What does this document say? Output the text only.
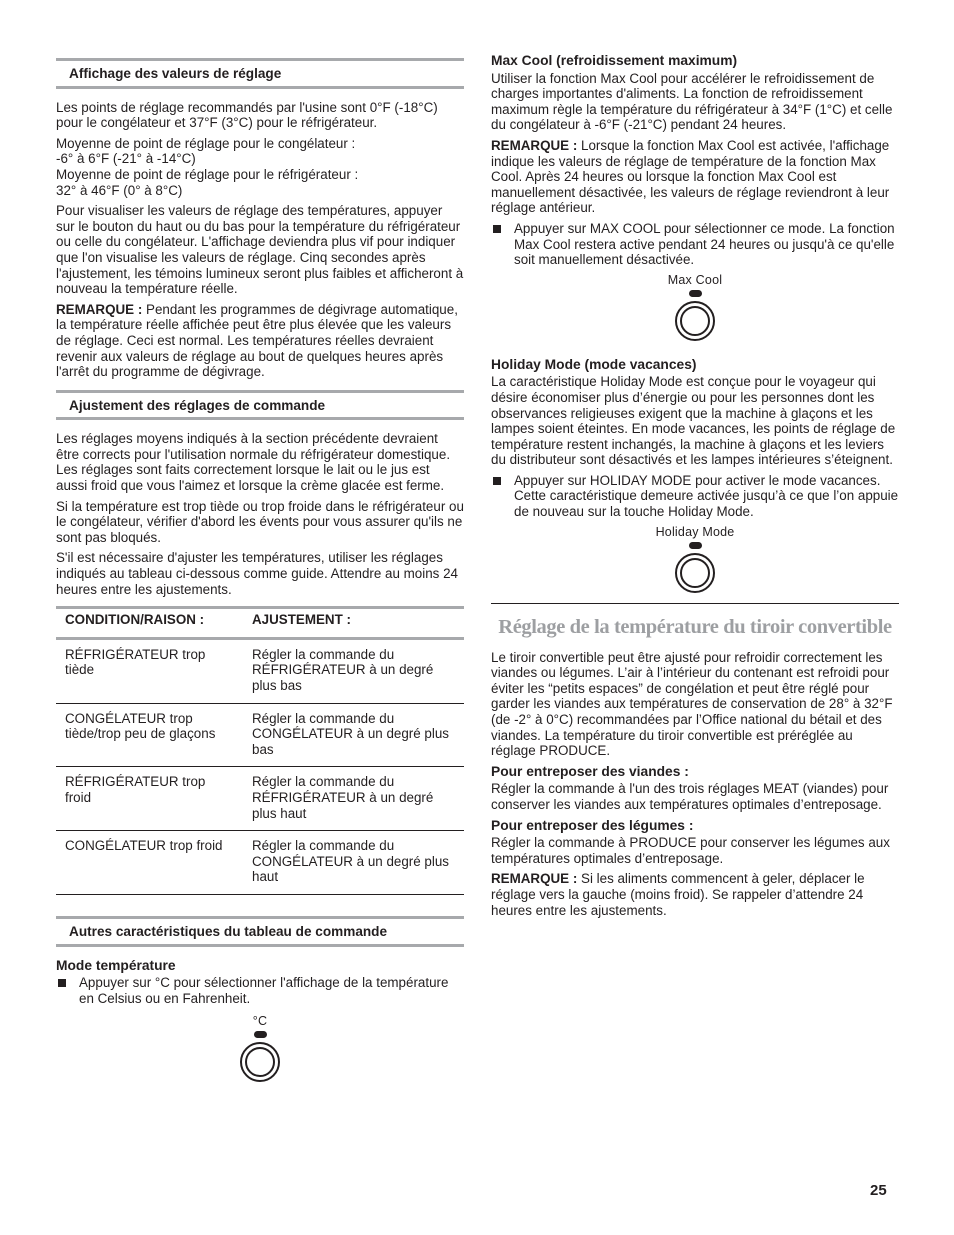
Affichage des valeurs de réglage

Les points de réglage recommandés par l'usine sont 0°F (-18°C) pour le congélateur et 37°F (3°C) pour le réfrigérateur.

Moyenne de point de réglage pour le congélateur :
-6° à 6°F (-21° à -14°C)
Moyenne de point de réglage pour le réfrigérateur :
32° à 46°F (0° à 8°C)

Pour visualiser les valeurs de réglage des températures, appuyer sur le bouton du haut ou du bas pour la température du réfrigérateur ou celle du congélateur. L'affichage deviendra plus vif pour indiquer que l'on visualise les valeurs de réglage. Cinq secondes après l'ajustement, les témoins lumineux seront plus faibles et afficheront à nouveau la température réelle.

REMARQUE : Pendant les programmes de dégivrage automatique, la température réelle affichée peut être plus élevée que les valeurs de réglage. Ceci est normal. Les températures réelles devraient revenir aux valeurs de réglage au bout de quelques heures après l'arrêt du programme de dégivrage.

Ajustement des réglages de commande

Les réglages moyens indiqués à la section précédente devraient être corrects pour l'utilisation normale du réfrigérateur domestique. Les réglages sont faits correctement lorsque le lait ou le jus est aussi froid que vous l'aimez et lorsque la crème glacée est ferme.

Si la température est trop tiède ou trop froide dans le réfrigérateur ou le congélateur, vérifier d'abord les évents pour vous assurer qu'ils ne sont pas bloqués.

S'il est nécessaire d'ajuster les températures, utiliser les réglages indiqués au tableau ci-dessous comme guide. Attendre au moins 24 heures entre les ajustements.

CONDITION/RAISON :	AJUSTEMENT :
RÉFRIGÉRATEUR trop tiède	Régler la commande du RÉFRIGÉRATEUR à un degré plus bas
CONGÉLATEUR trop tiède/trop peu de glaçons	Régler la commande du CONGÉLATEUR à un degré plus bas
RÉFRIGÉRATEUR trop froid	Régler la commande du RÉFRIGÉRATEUR à un degré plus haut
CONGÉLATEUR trop froid	Régler la commande du CONGÉLATEUR à un degré plus haut
Autres caractéristiques du tableau de commande
Mode température
Appuyer sur °C pour sélectionner l'affichage de la température en Celsius ou en Fahrenheit.
°C
Max Cool (refroidissement maximum)

Utiliser la fonction Max Cool pour accélérer le refroidissement de charges importantes d'aliments. La fonction de refroidissement maximum règle la température du réfrigérateur à 34°F (1°C) et celle du congélateur à -6°F (-21°C) pendant 24 heures.

REMARQUE : Lorsque la fonction Max Cool est activée, l'affichage indique les valeurs de réglage de température de la fonction Max Cool. Après 24 heures ou lorsque la fonction Max Cool est manuellement désactivée, les valeurs de réglage reviendront à leur réglage antérieur.

Appuyer sur MAX COOL pour sélectionner ce mode. La fonction Max Cool restera active pendant 24 heures ou jusqu'à ce qu'elle soit manuellement désactivée.
Max Cool
Holiday Mode (mode vacances)

La caractéristique Holiday Mode est conçue pour le voyageur qui désire économiser plus d’énergie ou pour les personnes dont les observances religieuses exigent que la machine à glaçons et les lampes soient éteintes. En mode vacances, les points de réglage de température restent inchangés, la machine à glaçons et les leviers du distributeur sont désactivés et les lampes intérieures s’éteignent.

Appuyer sur HOLIDAY MODE pour activer le mode vacances. Cette caractéristique demeure activée jusqu’à ce que l’on appuie de nouveau sur la touche Holiday Mode.
Holiday Mode
Réglage de la température du tiroir convertible

Le tiroir convertible peut être ajusté pour refroidir correctement les viandes ou légumes. L’air à l’intérieur du contenant est refroidi pour éviter les “petits espaces” de congélation et peut être réglé pour garder les viandes aux températures de conservation de 28° à 32°F (de -2° à 0°C) recommandées par l’Office national du bétail et des viandes. La température du tiroir convertible est préréglée au réglage PRODUCE.

Pour entreposer des viandes :

Régler la commande à l'un des trois réglages MEAT (viandes) pour conserver les viandes aux températures optimales d’entreposage.

Pour entreposer des légumes :

Régler la commande à PRODUCE pour conserver les légumes aux températures optimales d’entreposage.

REMARQUE : Si les aliments commencent à geler, déplacer le réglage vers la gauche (moins froid). Se rappeler d’attendre 24 heures entre les ajustements.

25
